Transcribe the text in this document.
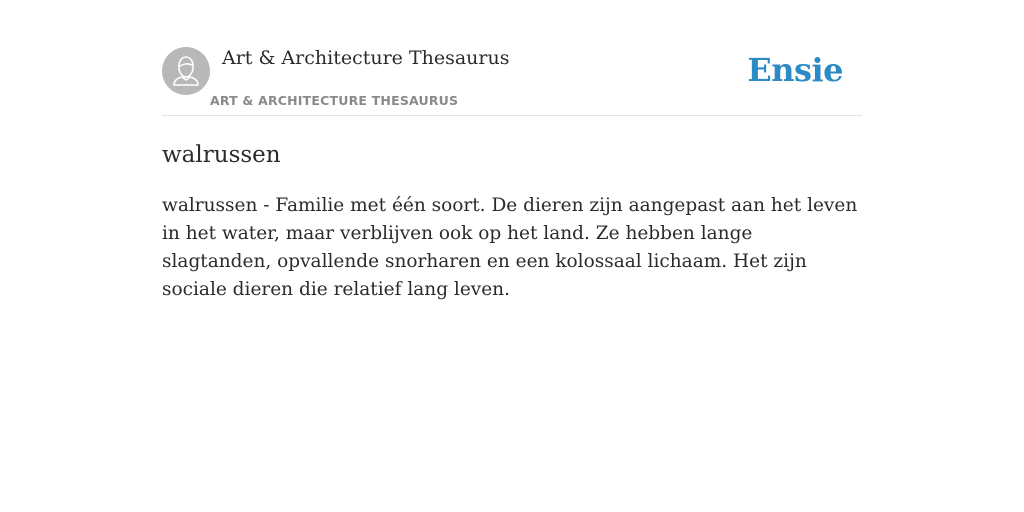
Art & Architecture Thesaurus
ART & ARCHITECTURE THESAURUS
Ensie
walrussen

walrussen - Familie met één soort. De dieren zijn aangepast aan het leven in het water, maar verblijven ook op het land. Ze hebben lange slagtanden, opvallende snorharen en een kolossaal lichaam. Het zijn sociale dieren die relatief lang leven.
